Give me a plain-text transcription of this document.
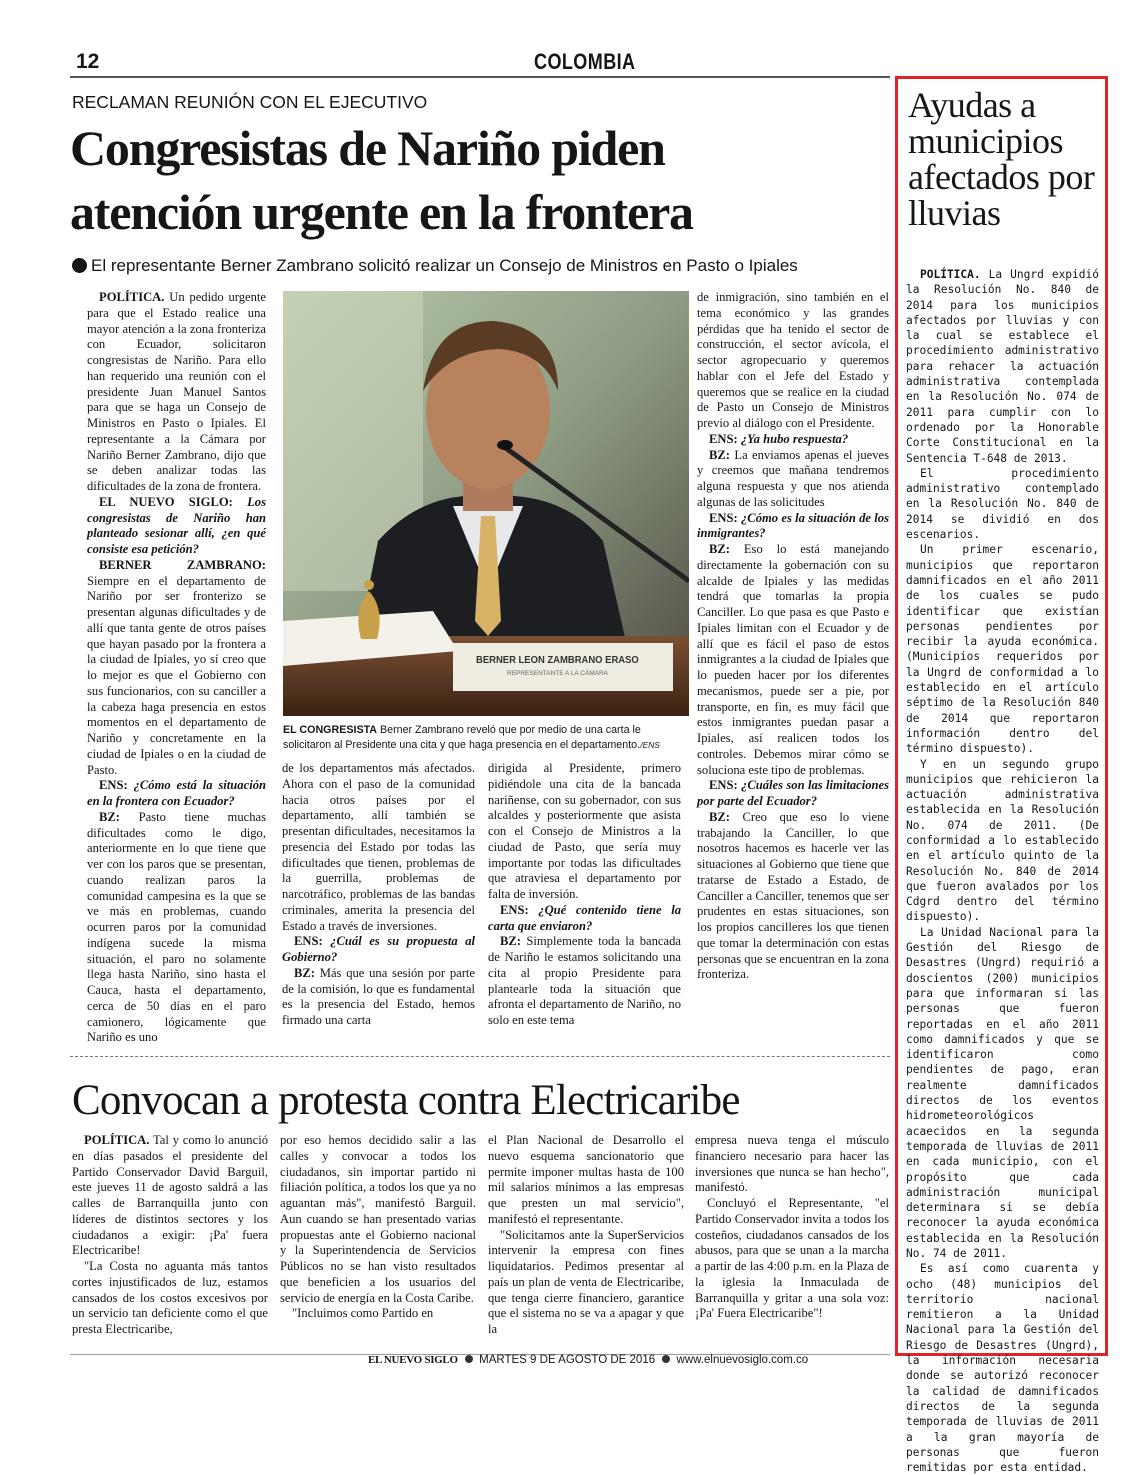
12	COLOMBIA
RECLAMAN REUNIÓN CON EL EJECUTIVO
Congresistas de Nariño piden
atención urgente en la frontera
El representante Berner Zambrano solicitó realizar un Consejo de Ministros en Pasto o Ipiales

POLÍTICA. Un pedido urgente para que el Estado realice una mayor atención a la zona fronteriza con Ecuador, solicitaron congresistas de Nariño. Para ello han requerido una reunión con el presidente Juan Manuel Santos para que se haga un Consejo de Ministros en Pasto o Ipiales. El representante a la Cámara por Nariño Berner Zambrano, dijo que se deben analizar todas las dificultades de la zona de frontera.

EL NUEVO SIGLO: Los congresistas de Nariño han planteado sesionar allí, ¿en qué consiste esa petición?

BERNER ZAMBRANO: Siempre en el departamento de Nariño por ser fronterizo se presentan algunas dificultades y de allí que tanta gente de otros países que hayan pasado por la frontera a la ciudad de Ipiales, yo sí creo que lo mejor es que el Gobierno con sus funcionarios, con su canciller a la cabeza haga presencia en estos momentos en el departamento de Nariño y concretamente en la ciudad de Ipiales o en la ciudad de Pasto.

ENS: ¿Cómo está la situación en la frontera con Ecuador?

BZ: Pasto tiene muchas dificultades como le digo, anteriormente en lo que tiene que ver con los paros que se presentan, cuando realizan paros la comunidad campesina es la que se ve más en problemas, cuando ocurren paros por la comunidad indígena sucede la misma situación, el paro no solamente llega hasta Nariño, sino hasta el Cauca, hasta el departamento, cerca de 50 días en el paro camionero, lógicamente que Nariño es uno

BERNER LEON ZAMBRANO ERASO
REPRESENTANTE A LA CÁMARA
EL CONGRESISTA Berner Zambrano reveló que por medio de una carta le solicitaron al Presidente una cita y que haga presencia en el departamento./ENS

de los departamentos más afectados. Ahora con el paso de la comunidad hacia otros países por el departamento, allí también se presentan dificultades, necesitamos la presencia del Estado por todas las dificultades que tienen, problemas de la guerrilla, problemas de narcotráfico, problemas de las bandas criminales, amerita la presencia del Estado a través de inversiones.

ENS: ¿Cuál es su propuesta al Gobierno?

BZ: Más que una sesión por parte de la comisión, lo que es fundamental es la presencia del Estado, hemos firmado una carta

dirigida al Presidente, primero pidiéndole una cita de la bancada nariñense, con su gobernador, con sus alcaldes y posteriormente que asista con el Consejo de Ministros a la ciudad de Pasto, que sería muy importante por todas las dificultades que atraviesa el departamento por falta de inversión.

ENS: ¿Qué contenido tiene la carta que enviaron?

BZ: Simplemente toda la bancada de Nariño le estamos solicitando una cita al propio Presidente para plantearle toda la situación que afronta el departamento de Nariño, no solo en este tema

de inmigración, sino también en el tema económico y las grandes pérdidas que ha tenido el sector de construcción, el sector avícola, el sector agropecuario y queremos hablar con el Jefe del Estado y queremos que se realice en la ciudad de Pasto un Consejo de Ministros previo al diálogo con el Presidente.

ENS: ¿Ya hubo respuesta?

BZ: La enviamos apenas el jueves y creemos que mañana tendremos alguna respuesta y que nos atienda algunas de las solicitudes

ENS: ¿Cómo es la situación de los inmigrantes?

BZ: Eso lo está manejando directamente la gobernación con su alcalde de Ipiales y las medidas tendrá que tomarlas la propia Canciller. Lo que pasa es que Pasto e Ipiales limitan con el Ecuador y de allí que es fácil el paso de estos inmigrantes a la ciudad de Ipiales que lo pueden hacer por los diferentes mecanismos, puede ser a pie, por transporte, en fin, es muy fácil que estos inmigrantes puedan pasar a Ipiales, así realicen todos los controles. Debemos mirar cómo se soluciona este tipo de problemas.

ENS: ¿Cuáles son las limitaciones por parte del Ecuador?

BZ: Creo que eso lo viene trabajando la Canciller, lo que nosotros hacemos es hacerle ver las situaciones al Gobierno que tiene que tratarse de Estado a Estado, de Canciller a Canciller, tenemos que ser prudentes en estas situaciones, son los propios cancilleres los que tienen que tomar la determinación con estas personas que se encuentran en la zona fronteriza.

Convocan a protesta contra Electricaribe

POLÍTICA. Tal y como lo anunció en días pasados el presidente del Partido Conservador David Barguil, este jueves 11 de agosto saldrá a las calles de Barranquilla junto con líderes de distintos sectores y los ciudadanos a exigir: ¡Pa' fuera Electricaribe!

"La Costa no aguanta más tantos cortes injustificados de luz, estamos cansados de los costos excesivos por un servicio tan deficiente como el que presta Electricaribe,

por eso hemos decidido salir a las calles y convocar a todos los ciudadanos, sin importar partido ni filiación política, a todos los que ya no aguantan más", manifestó Barguil. Aun cuando se han presentado varias propuestas ante el Gobierno nacional y la Superintendencia de Servicios Públicos no se han visto resultados que beneficien a los usuarios del servicio de energía en la Costa Caribe.

"Incluimos como Partido en

el Plan Nacional de Desarrollo el nuevo esquema sancionatorio que permite imponer multas hasta de 100 mil salarios mínimos a las empresas que presten un mal servicio", manifestó el representante.

"Solicitamos ante la SuperServicios intervenir la empresa con fines liquidatarios. Pedimos presentar al país un plan de venta de Electricaribe, que tenga cierre financiero, garantice que el sistema no se va a apagar y que la

empresa nueva tenga el músculo financiero necesario para hacer las inversiones que nunca se han hecho", manifestó.

Concluyó el Representante, "el Partido Conservador invita a todos los costeños, ciudadanos cansados de los abusos, para que se unan a la marcha a partir de las 4:00 p.m. en la Plaza de la iglesia la Inmaculada de Barranquilla y gritar a una sola voz: ¡Pa' Fuera Electricaribe"!

Ayudas a municipios afectados por lluvias

POLÍTICA. La Ungrd expidió la Resolución No. 840 de 2014 para los municipios afectados por lluvias y con la cual se establece el procedimiento administrativo para rehacer la actuación administrativa contemplada en la Resolución No. 074 de 2011 para cumplir con lo ordenado por la Honorable Corte Constitucional en la Sentencia T-648 de 2013.

El procedimiento administrativo contemplado en la Resolución No. 840 de 2014 se dividió en dos escenarios.

Un primer escenario, municipios que reportaron damnificados en el año 2011 de los cuales se pudo identificar que existían personas pendientes por recibir la ayuda económica. (Municipios requeridos por la Ungrd de conformidad a lo establecido en el artículo séptimo de la Resolución 840 de 2014 que reportaron información dentro del término dispuesto).

Y en un segundo grupo municipios que rehicieron la actuación administrativa establecida en la Resolución No. 074 de 2011. (De conformidad a lo establecido en el artículo quinto de la Resolución No. 840 de 2014 que fueron avalados por los Cdgrd dentro del término dispuesto).

La Unidad Nacional para la Gestión del Riesgo de Desastres (Ungrd) requirió a doscientos (200) municipios para que informaran si las personas que fueron reportadas en el año 2011 como damnificados y que se identificaron como pendientes de pago, eran realmente damnificados directos de los eventos hidrometeorológicos acaecidos en la segunda temporada de lluvias de 2011 en cada municipio, con el propósito que cada administración municipal determinara si se debía reconocer la ayuda económica establecida en la Resolución No. 74 de 2011.

Es así como cuarenta y ocho (48) municipios del territorio nacional remitieron a la Unidad Nacional para la Gestión del Riesgo de Desastres (Ungrd), la información necesaria donde se autorizó reconocer la calidad de damnificados directos de la segunda temporada de lluvias de 2011 a la gran mayoría de personas que fueron remitidas por esta entidad.

EL NUEVO SIGLO MARTES 9 DE AGOSTO DE 2016 www.elnuevosiglo.com.co
